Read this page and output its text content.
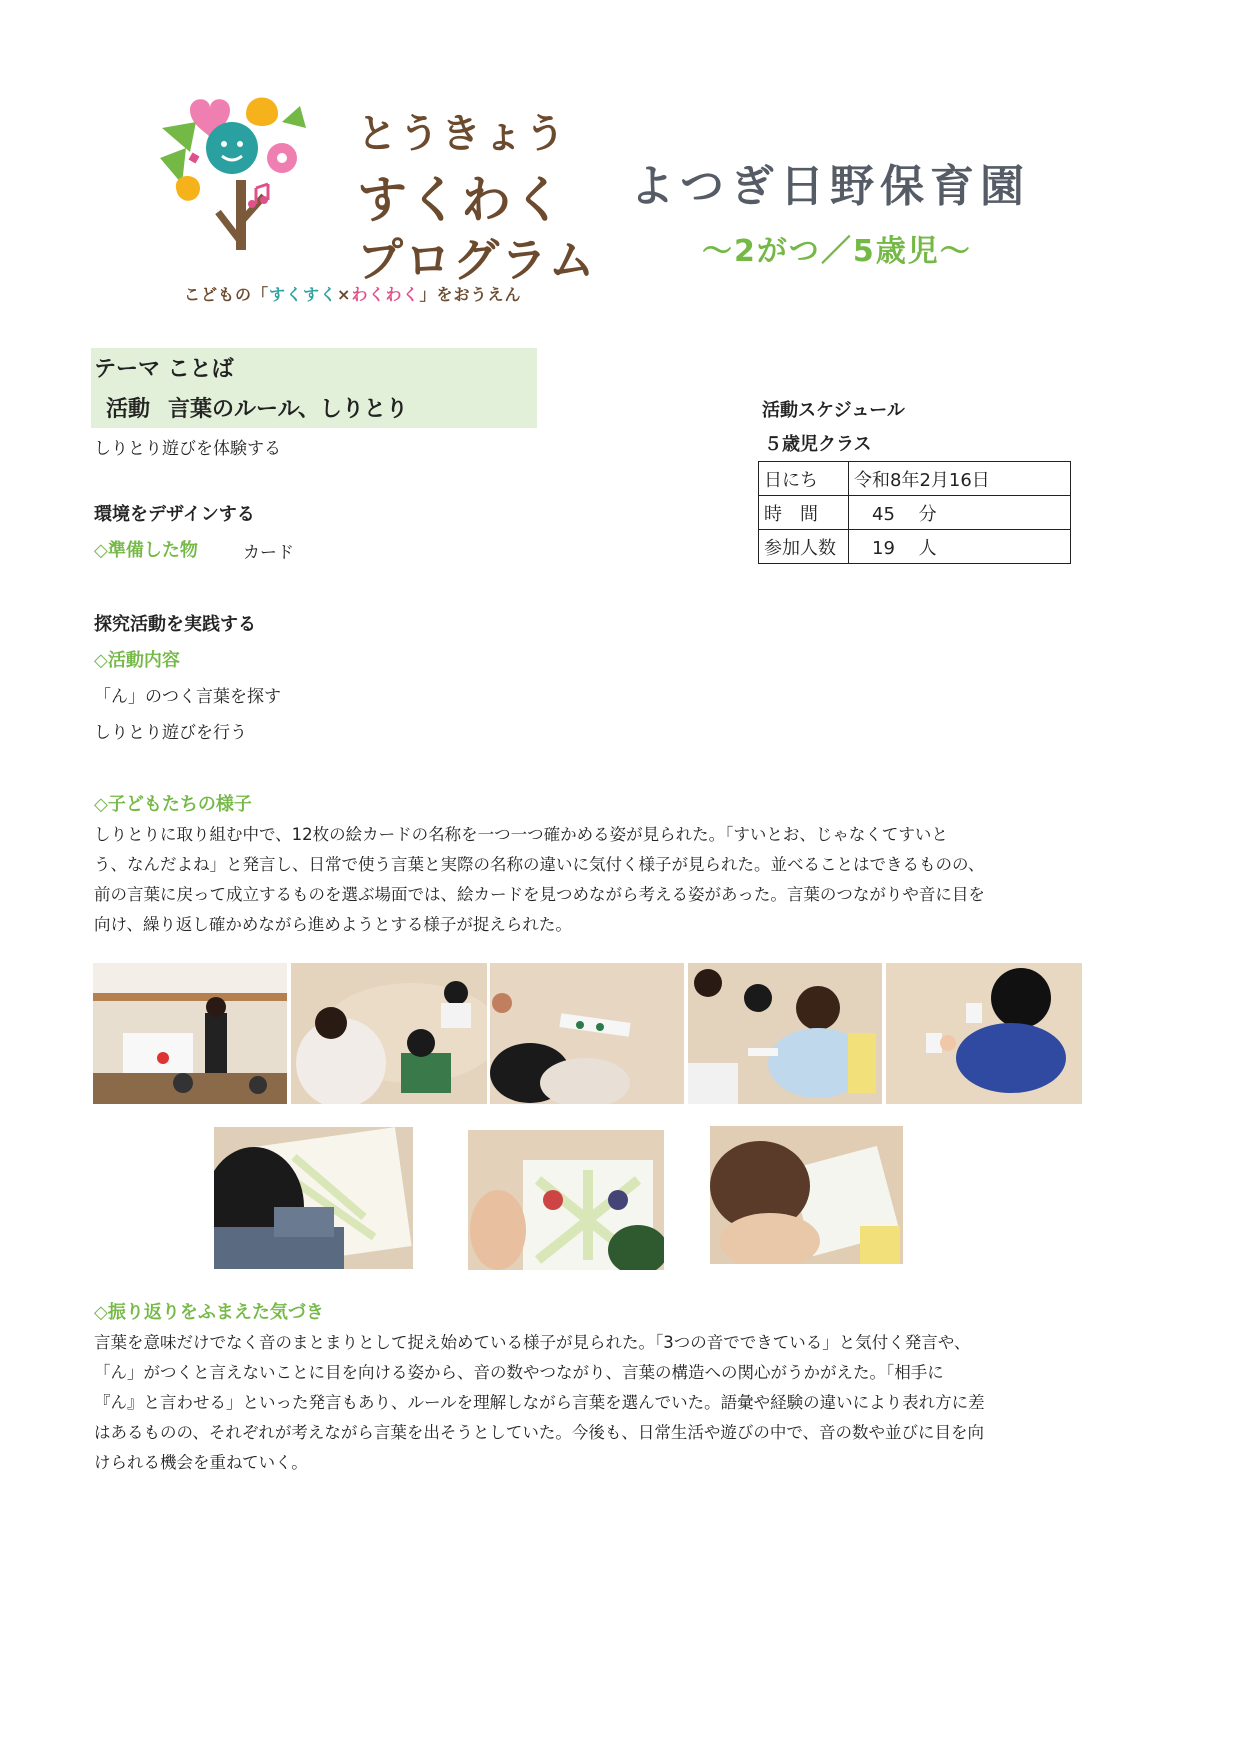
とうきょう
すくわく
プログラム
こどもの「すくすく×わくわく」をおうえん
よつぎ日野保育園
～2がつ／5歳児～
テーマ ことば
活動 言葉のルール、しりとり
しりとり遊びを体験する
環境をデザインする
◇準備した物	カード
探究活動を実践する
◇活動内容
「ん」のつく言葉を探す
しりとり遊びを行う
◇子どもたちの様子
しりとりに取り組む中で、12枚の絵カードの名称を一つ一つ確かめる姿が見られた。「すいとお、じゃなくてすいと
う、なんだよね」と発言し、日常で使う言葉と実際の名称の違いに気付く様子が見られた。並べることはできるものの、
前の言葉に戻って成立するものを選ぶ場面では、絵カードを見つめながら考える姿があった。言葉のつながりや音に目を
向け、繰り返し確かめながら進めようとする様子が捉えられた。
◇振り返りをふまえた気づき
言葉を意味だけでなく音のまとまりとして捉え始めている様子が見られた。「3つの音でできている」と気付く発言や、
「ん」がつくと言えないことに目を向ける姿から、音の数やつながり、言葉の構造への関心がうかがえた。「相手に
『ん』と言わせる」といった発言もあり、ルールを理解しながら言葉を選んでいた。語彙や経験の違いにより表れ方に差
はあるものの、それぞれが考えながら言葉を出そうとしていた。今後も、日常生活や遊びの中で、音の数や並びに目を向
けられる機会を重ねていく。
活動スケジュール
５歳児クラス
日にち	令和8年2月16日
時　間	　45　 分
参加人数	　19　 人
